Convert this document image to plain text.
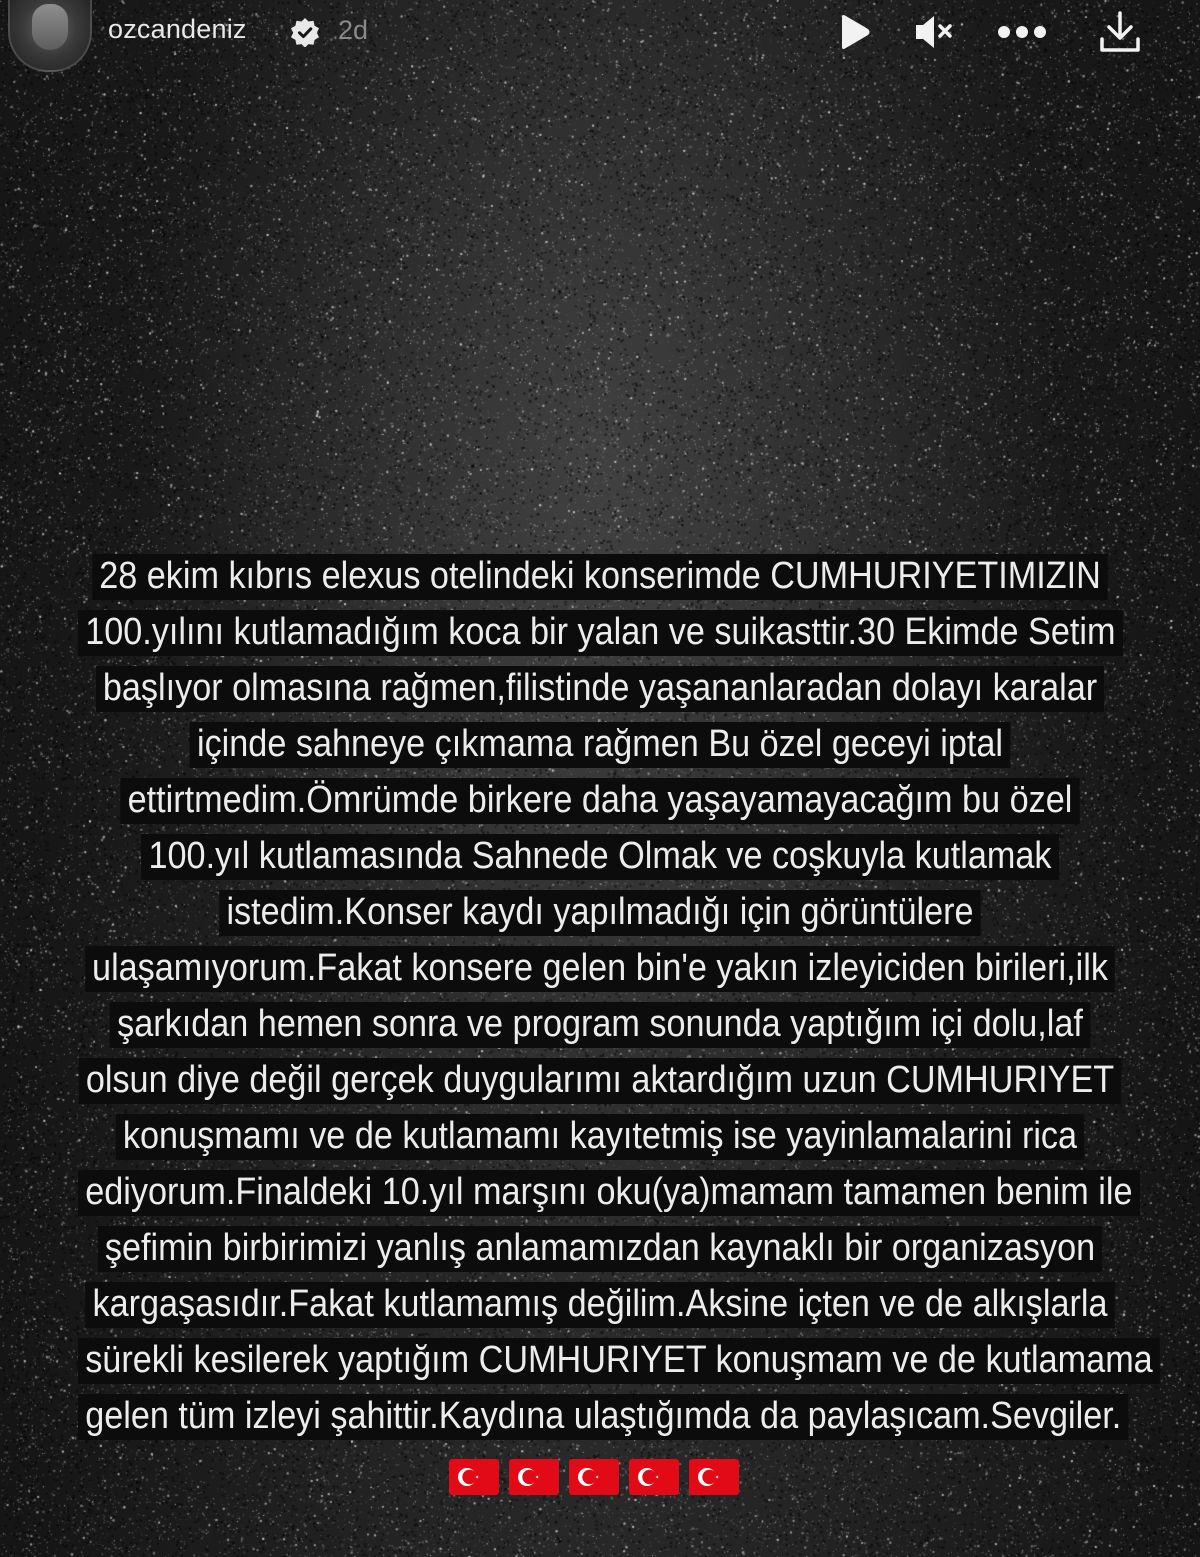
ozcandeniz	2d
28 ekim kıbrıs elexus otelindeki konserimde CUMHURIYETIMIZIN
100.yılını kutlamadığım koca bir yalan ve suikasttir.30 Ekimde Setim
başlıyor olmasına rağmen,filistinde yaşananlaradan dolayı karalar
içinde sahneye çıkmama rağmen Bu özel geceyi iptal
ettirtmedim.Ömrümde birkere daha yaşayamayacağım bu özel
100.yıl kutlamasında Sahnede Olmak ve coşkuyla kutlamak
istedim.Konser kaydı yapılmadığı için görüntülere
ulaşamıyorum.Fakat konsere gelen bin'e yakın izleyiciden birileri,ilk
şarkıdan hemen sonra ve program sonunda yaptığım içi dolu,laf
olsun diye değil gerçek duygularımı aktardığım uzun CUMHURIYET
konuşmamı ve de kutlamamı kayıtetmiş ise yayinlamalarini rica
ediyorum.Finaldeki 10.yıl marşını oku(ya)mamam tamamen benim ile
şefimin birbirimizi yanlış anlamamızdan kaynaklı bir organizasyon
kargaşasıdır.Fakat kutlamamış değilim.Aksine içten ve de alkışlarla
sürekli kesilerek yaptığım CUMHURIYET konuşmam ve de kutlamama
gelen tüm izleyi şahittir.Kaydına ulaştığımda da paylaşıcam.Sevgiler.
